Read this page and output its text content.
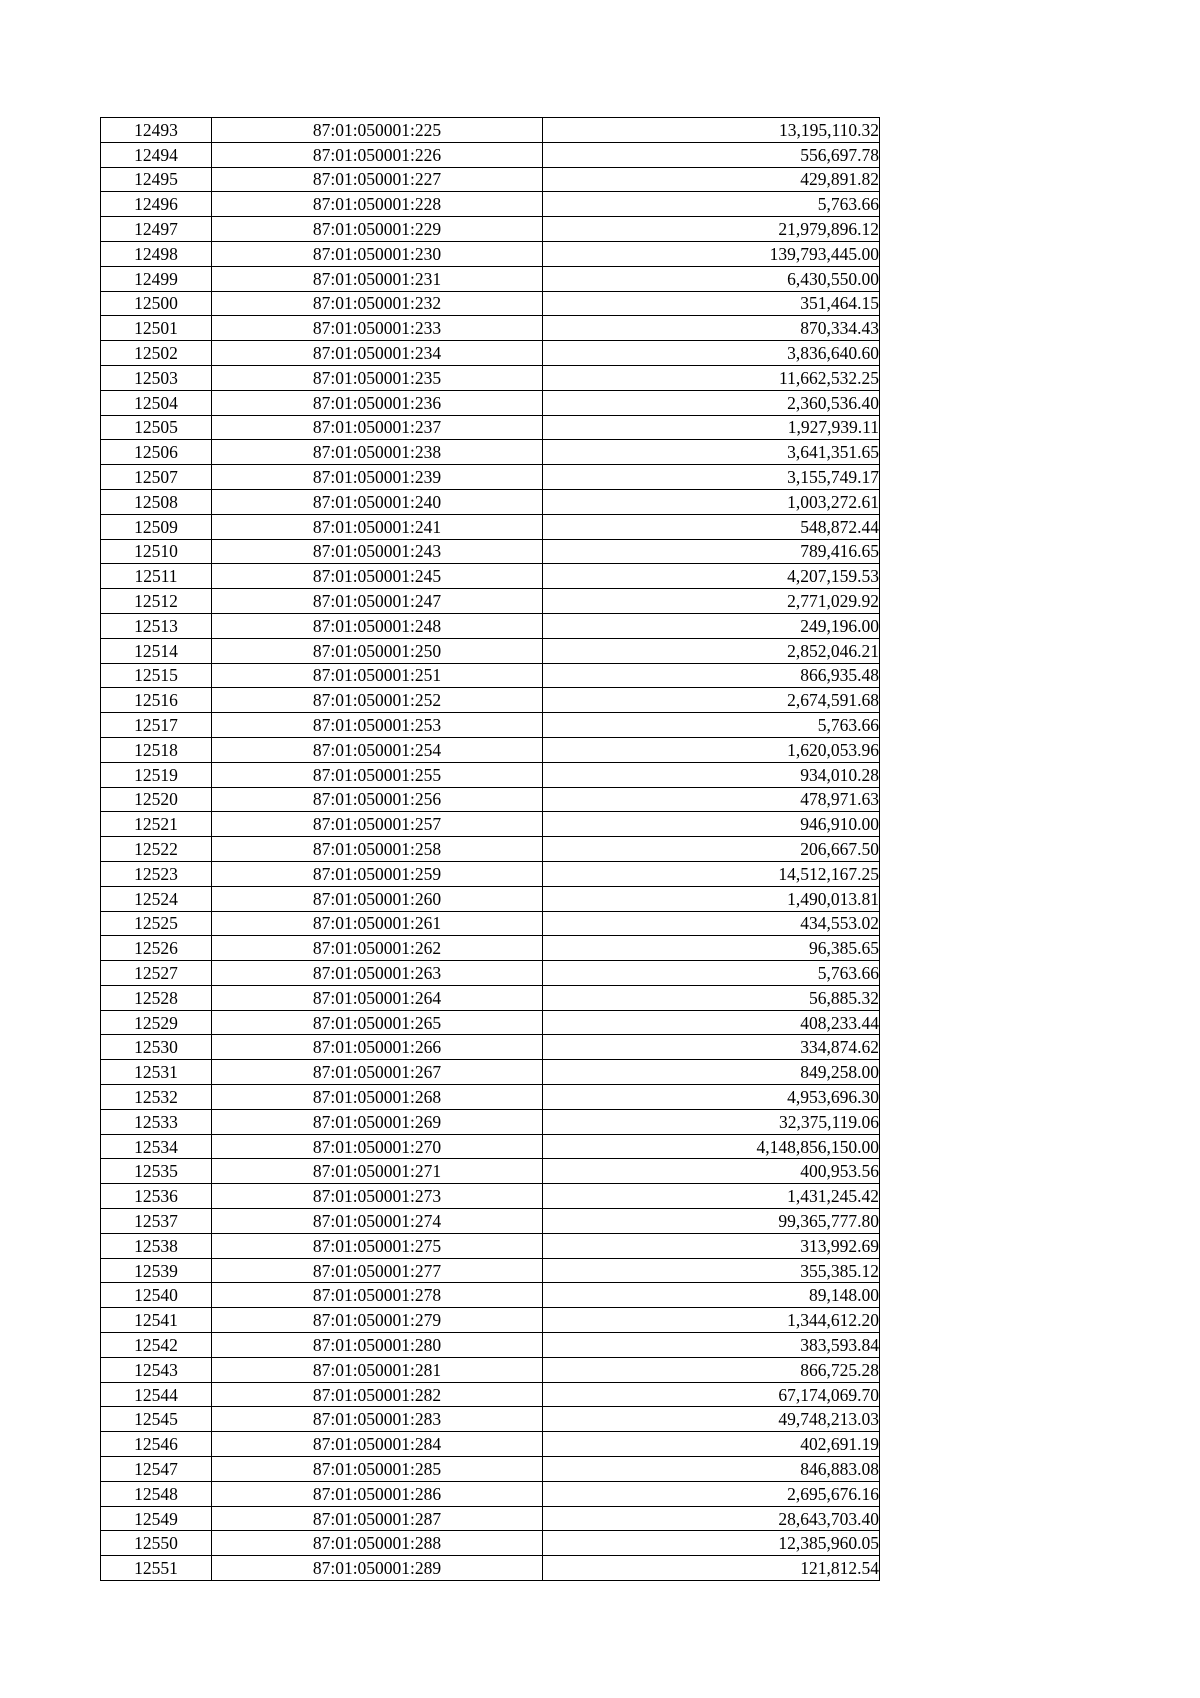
12493	87:01:050001:225	13,195,110.32
12494	87:01:050001:226	556,697.78
12495	87:01:050001:227	429,891.82
12496	87:01:050001:228	5,763.66
12497	87:01:050001:229	21,979,896.12
12498	87:01:050001:230	139,793,445.00
12499	87:01:050001:231	6,430,550.00
12500	87:01:050001:232	351,464.15
12501	87:01:050001:233	870,334.43
12502	87:01:050001:234	3,836,640.60
12503	87:01:050001:235	11,662,532.25
12504	87:01:050001:236	2,360,536.40
12505	87:01:050001:237	1,927,939.11
12506	87:01:050001:238	3,641,351.65
12507	87:01:050001:239	3,155,749.17
12508	87:01:050001:240	1,003,272.61
12509	87:01:050001:241	548,872.44
12510	87:01:050001:243	789,416.65
12511	87:01:050001:245	4,207,159.53
12512	87:01:050001:247	2,771,029.92
12513	87:01:050001:248	249,196.00
12514	87:01:050001:250	2,852,046.21
12515	87:01:050001:251	866,935.48
12516	87:01:050001:252	2,674,591.68
12517	87:01:050001:253	5,763.66
12518	87:01:050001:254	1,620,053.96
12519	87:01:050001:255	934,010.28
12520	87:01:050001:256	478,971.63
12521	87:01:050001:257	946,910.00
12522	87:01:050001:258	206,667.50
12523	87:01:050001:259	14,512,167.25
12524	87:01:050001:260	1,490,013.81
12525	87:01:050001:261	434,553.02
12526	87:01:050001:262	96,385.65
12527	87:01:050001:263	5,763.66
12528	87:01:050001:264	56,885.32
12529	87:01:050001:265	408,233.44
12530	87:01:050001:266	334,874.62
12531	87:01:050001:267	849,258.00
12532	87:01:050001:268	4,953,696.30
12533	87:01:050001:269	32,375,119.06
12534	87:01:050001:270	4,148,856,150.00
12535	87:01:050001:271	400,953.56
12536	87:01:050001:273	1,431,245.42
12537	87:01:050001:274	99,365,777.80
12538	87:01:050001:275	313,992.69
12539	87:01:050001:277	355,385.12
12540	87:01:050001:278	89,148.00
12541	87:01:050001:279	1,344,612.20
12542	87:01:050001:280	383,593.84
12543	87:01:050001:281	866,725.28
12544	87:01:050001:282	67,174,069.70
12545	87:01:050001:283	49,748,213.03
12546	87:01:050001:284	402,691.19
12547	87:01:050001:285	846,883.08
12548	87:01:050001:286	2,695,676.16
12549	87:01:050001:287	28,643,703.40
12550	87:01:050001:288	12,385,960.05
12551	87:01:050001:289	121,812.54
